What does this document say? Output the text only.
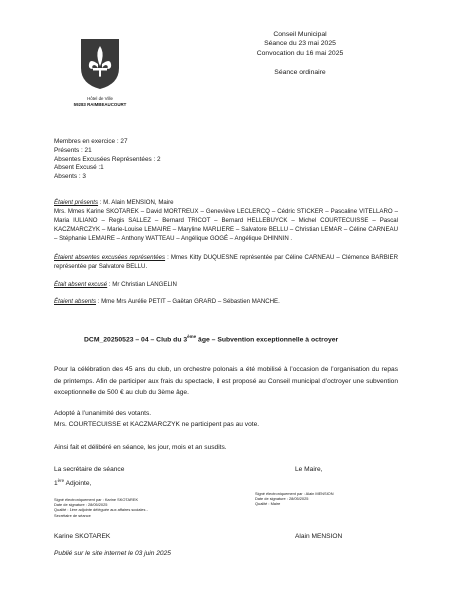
Hôtel de Ville
59283 RAIMBEAUCOURT
Conseil Municipal
Séance du 23 mai 2025
Convocation du 16 mai 2025
Séance ordinaire
Membres en exercice : 27
Présents : 21
Absentes Excusées Représentées : 2
Absent Excusé :1
Absents : 3
Étaient présents : M. Alain MENSION, Maire
Mrs. Mmes Karine SKOTAREK – David MORTREUX – Geneviève LECLERCQ – Cédric STICKER – Pascaline VITELLARO – Maria IULIANO – Regis SALLEZ – Bernard TRICOT – Bernard HELLEBUYCK – Michel COURTECUISSE – Pascal KACZMARCZYK – Marie-Louise LEMAIRE – Maryline MARLIERE – Salvatore BELLU – Christian LEMAR – Céline CARNEAU – Stéphanie LEMAIRE – Anthony WATTEAU – Angélique GOGÉ – Angélique DHINNIN .
Étaient absentes excusées représentées : Mmes Kitty DUQUESNE représentée par Céline CARNEAU – Clémence BARBIER représentée par Salvatore BELLU.
Était absent excusé : Mr Christian LANGELIN
Étaient absents : Mme Mrs Aurélie PETIT – Gaëtan GRARD – Sébastien MANCHE.
DCM_20250523 – 04 – Club du 3ème âge – Subvention exceptionnelle à octroyer
Pour la célébration des 45 ans du club, un orchestre polonais a été mobilisé à l’occasion de l’organisation du repas de printemps. Afin de participer aux frais du spectacle, il est proposé au Conseil municipal d’octroyer une subvention exceptionnelle de 500 € au club du 3ème âge.
Adopté à l’unanimité des votants.
Mrs. COURTECUISSE et KACZMARCZYK ne participent pas au vote.
Ainsi fait et délibéré en séance, les jour, mois et an susdits.
La secrétaire de séance
1ère Adjointe,
Signé électroniquement par : Karine SKOTAREK
Date de signature : 28/05/2025
Qualité : 1ère adjointe déléguée aux affaires sociales -
Secrétaire de séance
Karine SKOTAREK
Le Maire,
Signé électroniquement par : Alain MENSION
Date de signature : 28/05/2025
Qualité : Maire
Alain MENSION
Publié sur le site internet le 03 juin 2025
